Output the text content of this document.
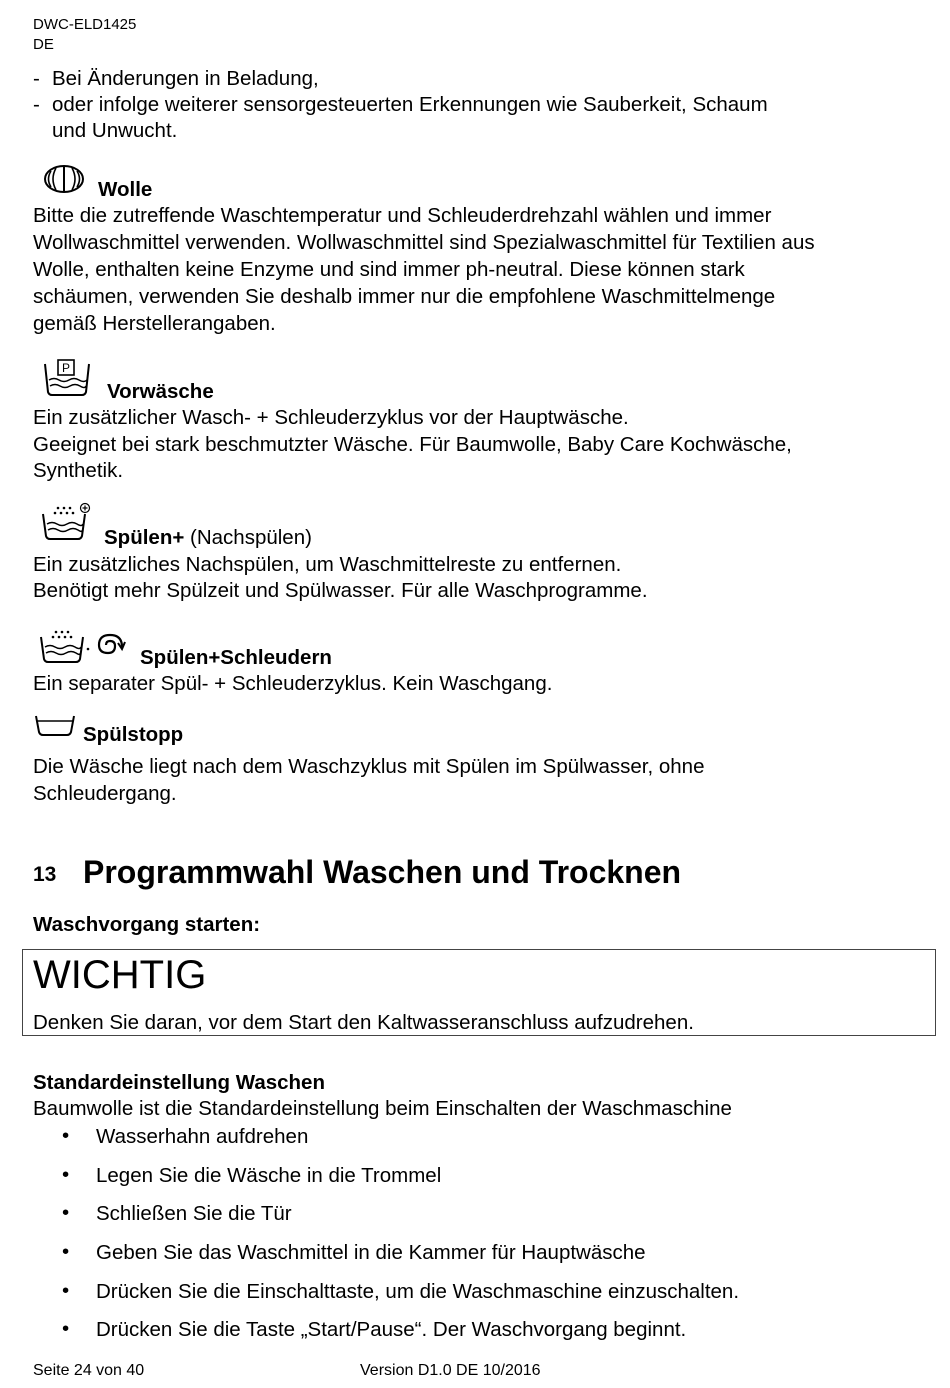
DWC-ELD1425
DE
- Bei Änderungen in Beladung,
- oder infolge weiterer sensorgesteuerten Erkennungen wie Sauberkeit, Schaum
und Unwucht.
Wolle
Bitte die zutreffende Waschtemperatur und Schleuderdrehzahl wählen und immer
Wollwaschmittel verwenden. Wollwaschmittel sind Spezialwaschmittel für Textilien aus
Wolle, enthalten keine Enzyme und sind immer ph-neutral. Diese können stark
schäumen, verwenden Sie deshalb immer nur die empfohlene Waschmittelmenge
gemäß Herstellerangaben.
P
Vorwäsche
Ein zusätzlicher Wasch- + Schleuderzyklus vor der Hauptwäsche.
Geeignet bei stark beschmutzter Wäsche. Für Baumwolle, Baby Care Kochwäsche,
Synthetik.
Spülen+ (Nachspülen)
Ein zusätzliches Nachspülen, um Waschmittelreste zu entfernen.
Benötigt mehr Spülzeit und Spülwasser. Für alle Waschprogramme.
Spülen+Schleudern
Ein separater Spül- + Schleuderzyklus. Kein Waschgang.
Spülstopp
Die Wäsche liegt nach dem Waschzyklus mit Spülen im Spülwasser, ohne
Schleudergang.
13 Programmwahl Waschen und Trocknen
Waschvorgang starten:
WICHTIG
Denken Sie daran, vor dem Start den Kaltwasseranschluss aufzudrehen.
Standardeinstellung Waschen
Baumwolle ist die Standardeinstellung beim Einschalten der Waschmaschine
• Wasserhahn aufdrehen
• Legen Sie die Wäsche in die Trommel
• Schließen Sie die Tür
• Geben Sie das Waschmittel in die Kammer für Hauptwäsche
• Drücken Sie die Einschalttaste, um die Waschmaschine einzuschalten.
• Drücken Sie die Taste „Start/Pause“. Der Waschvorgang beginnt.
Seite 24 von 40	Version D1.0 DE 10/2016
